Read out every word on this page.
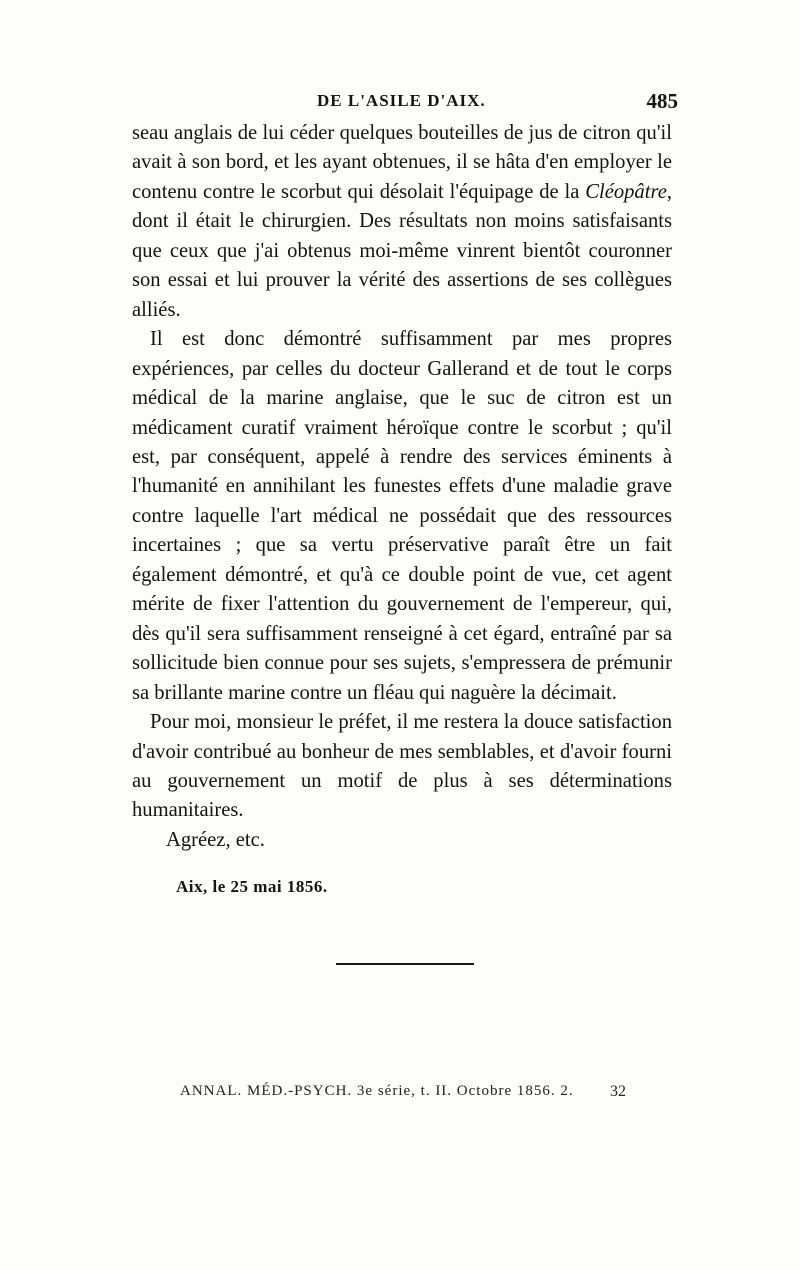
DE L'ASILE D'AIX.	485

seau anglais de lui céder quelques bouteilles de jus de citron qu'il avait à son bord, et les ayant obtenues, il se hâta d'en employer le contenu contre le scorbut qui désolait l'équipage de la Cléopâtre, dont il était le chirurgien. Des résultats non moins satisfaisants que ceux que j'ai obtenus moi-même vinrent bientôt couronner son essai et lui prouver la vérité des assertions de ses collègues alliés.

Il est donc démontré suffisamment par mes propres expériences, par celles du docteur Gallerand et de tout le corps médical de la marine anglaise, que le suc de citron est un médicament curatif vraiment héroïque contre le scorbut ; qu'il est, par conséquent, appelé à rendre des services éminents à l'humanité en annihilant les funestes effets d'une maladie grave contre laquelle l'art médical ne possédait que des ressources incertaines ; que sa vertu préservative paraît être un fait également démontré, et qu'à ce double point de vue, cet agent mérite de fixer l'attention du gouvernement de l'empereur, qui, dès qu'il sera suffisamment renseigné à cet égard, entraîné par sa sollicitude bien connue pour ses sujets, s'empressera de prémunir sa brillante marine contre un fléau qui naguère la décimait.

Pour moi, monsieur le préfet, il me restera la douce satisfaction d'avoir contribué au bonheur de mes semblables, et d'avoir fourni au gouvernement un motif de plus à ses déterminations humanitaires.

Agréez, etc.

Aix, le 25 mai 1856.
ANNAL. MÉD.-PSYCH. 3e série, t. II. Octobre 1856. 2. 32
